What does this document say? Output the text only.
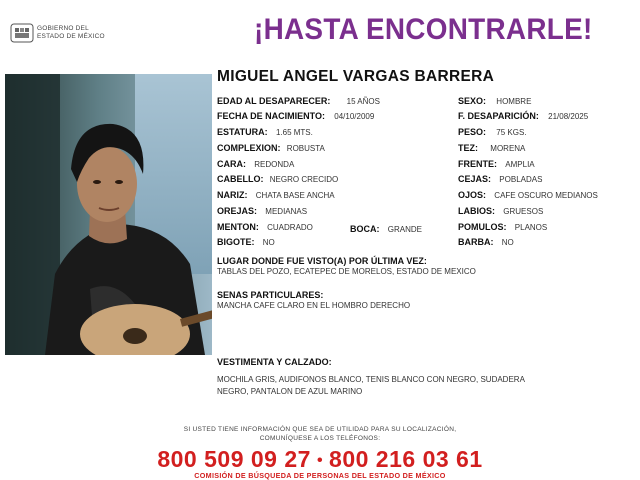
GOBIERNO DEL
ESTADO DE MÉXICO	¡HASTA ENCONTRARLE!
MIGUEL ANGEL VARGAS BARRERA
EDAD AL DESAPARECER: 15 AÑOS
FECHA DE NACIMIENTO: 04/10/2009
ESTATURA: 1.65 MTS.
COMPLEXION: ROBUSTA
CARA: REDONDA
CABELLO: NEGRO CRECIDO
NARIZ: CHATA BASE ANCHA
OREJAS: MEDIANAS
MENTON: CUADRADO	BOCA: GRANDE
BIGOTE: NO
SEXO: HOMBRE
F. DESAPARICIÓN: 21/08/2025
PESO: 75 KGS.
TEZ: MORENA
FRENTE: AMPLIA
CEJAS: POBLADAS
OJOS: CAFE OSCURO MEDIANOS
LABIOS: GRUESOS
POMULOS: PLANOS
BARBA: NO
LUGAR DONDE FUE VISTO(A) POR ÚLTIMA VEZ:
TABLAS DEL POZO, ECATEPEC DE MORELOS, ESTADO DE MEXICO
SENAS PARTICULARES:
MANCHA CAFE CLARO EN EL HOMBRO DERECHO
VESTIMENTA Y CALZADO:
MOCHILA GRIS, AUDIFONOS BLANCO, TENIS BLANCO CON NEGRO, SUDADERA
NEGRO, PANTALON DE AZUL MARINO
SI USTED TIENE INFORMACIÓN QUE SEA DE UTILIDAD PARA SU LOCALIZACIÓN,
COMUNÍQUESE A LOS TELÉFONOS:
800 509 09 27 • 800 216 03 61
COMISIÓN DE BÚSQUEDA DE PERSONAS DEL ESTADO DE MÉXICO
